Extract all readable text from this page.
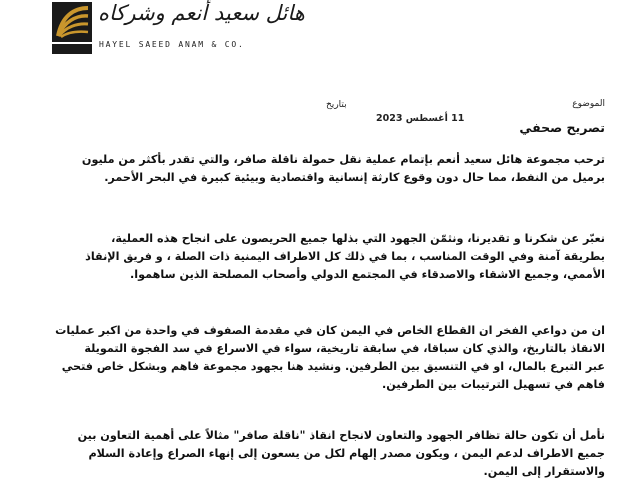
هائل سعيد أنعم وشركاه
HAYEL SAEED ANAM & CO.
الموضوع
بتاريخ
11 أغسطس 2023
تصريح صحفي
ترحب مجموعة هائل سعيد أنعم بإتمام عملية نقل حمولة ناقلة صافر، والتي تقدر بأكثر من مليون
برميل من النفط، مما حال دون وقوع كارثة إنسانية واقتصادية وبيئية كبيرة في البحر الأحمر.
نعبّر عن شكرنا و تقديرنا، ونثمّن الجهود التي بذلها جميع الحريصون على انجاح هذه العملية،
بطريقة آمنة وفي الوقت المناسب ، بما في ذلك كل الاطراف اليمنية ذات الصلة ، و فريق الإنقاذ
الأممي، وجميع الاشقاء والاصدقاء في المجتمع الدولي وأصحاب المصلحة الذين ساهموا.
ان من دواعي الفخر ان القطاع الخاص في اليمن كان في مقدمة الصفوف في واحدة من اكبر عمليات
الانقاذ بالتاريخ، والذي كان سباقا، في سابقة تاريخية، سواء في الاسراع في سد الفجوة التمويلة
عبر التبرع بالمال، او في التنسيق بين الطرفين. ونشيد هنا بجهود مجموعة فاهم وبشكل خاص فتحي
فاهم في تسهيل الترتيبات بين الطرفين.
نأمل أن تكون حالة تظافر الجهود والتعاون لانجاح انقاذ "ناقلة صافر" مثالاً على أهمية التعاون بين
جميع الاطراف لدعم اليمن ، ويكون مصدر إلهام لكل من يسعون إلى إنهاء الصراع وإعادة السلام
والاستقرار إلى اليمن.
